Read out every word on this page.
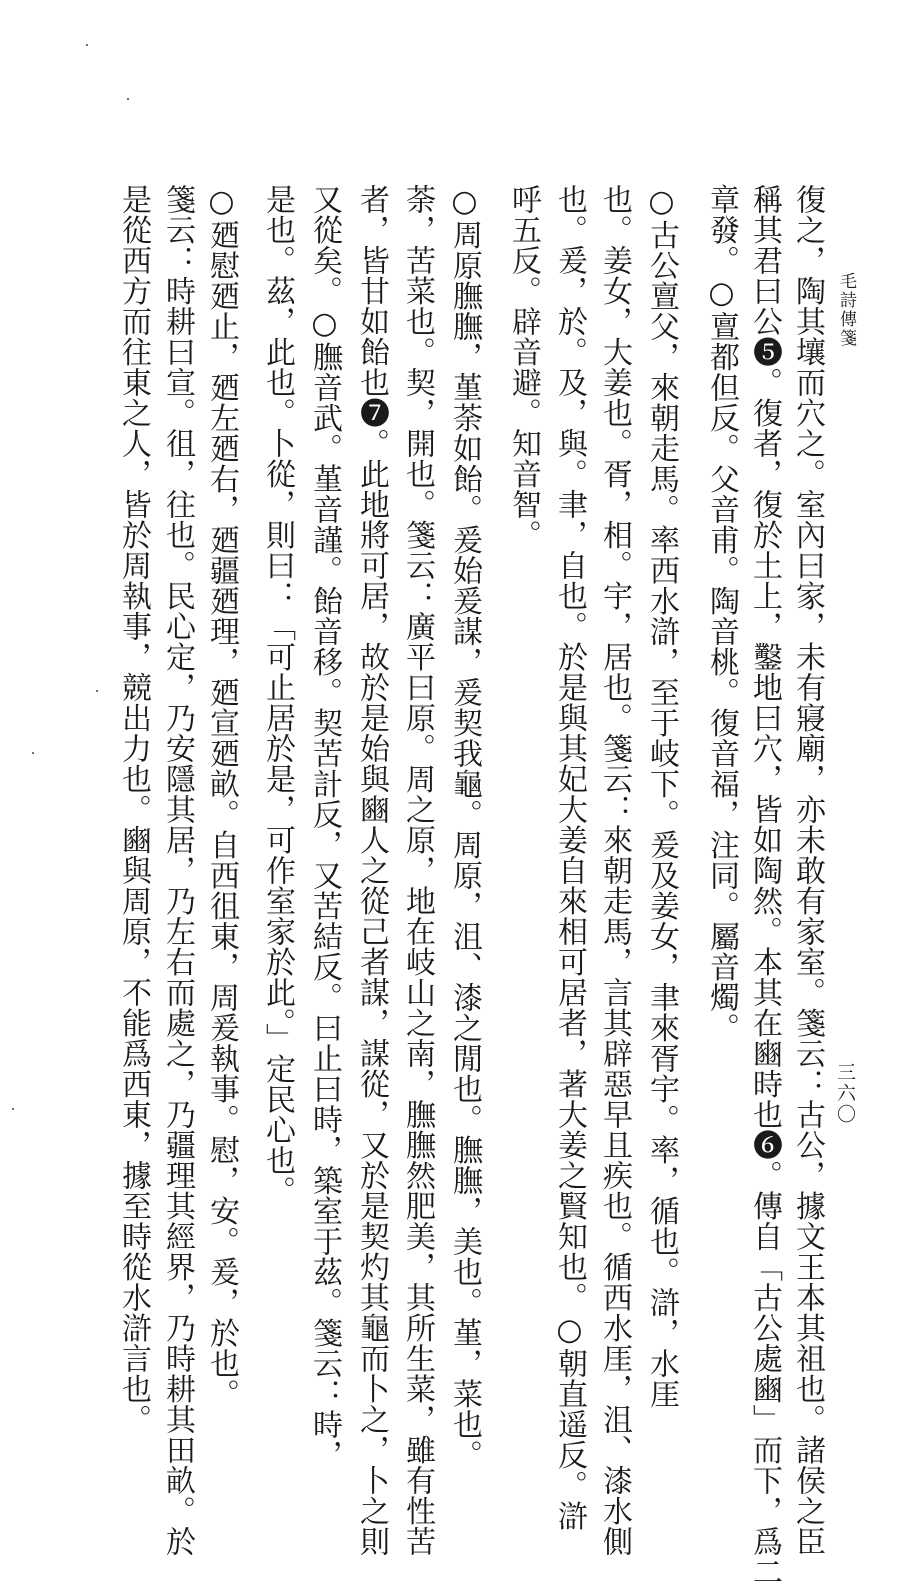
毛詩傳箋
三六〇
復之，陶其壤而穴之。室內曰家，未有寢廟，亦未敢有家室。箋云：古公，據文王本其祖也。諸侯之臣
稱其君曰公❺。復者，復於土上，鑿地曰穴，皆如陶然。本其在豳時也❻。傳自「古公處豳」而下，爲二
章發。○亶都但反。父音甫。陶音桃。復音福，注同。屬音燭。
○古公亶父，來朝走馬。率西水滸，至于岐下。爰及姜女，聿來胥宇。率，循也。滸，水厓
也。姜女，大姜也。胥，相。宇，居也。箋云：來朝走馬，言其辟惡早且疾也。循西水厓，沮、漆水側
也。爰，於。及，與。聿，自也。於是與其妃大姜自來相可居者，著大姜之賢知也。○朝直遥反。滸
呼五反。辟音避。知音智。
○周原膴膴，堇荼如飴。爰始爰謀，爰契我龜。周原，沮、漆之閒也。膴膴，美也。堇，菜也。
荼，苦菜也。契，開也。箋云：廣平曰原。周之原，地在岐山之南，膴膴然肥美，其所生菜，雖有性苦
者，皆甘如飴也❼。此地將可居，故於是始與豳人之從己者謀，謀從，又於是契灼其龜而卜之，卜之則
又從矣。○膴音武。堇音謹。飴音移。契苦計反，又苦結反。曰止曰時，築室于茲。箋云：時，
是也。茲，此也。卜從，則曰：「可止居於是，可作室家於此。」定民心也。
○廼慰廼止，廼左廼右，廼疆廼理，廼宣廼畝。自西徂東，周爰執事。慰，安。爰，於也。
箋云：時耕曰宣。徂，往也。民心定，乃安隱其居，乃左右而處之，乃疆理其經界，乃時耕其田畝。於
是從西方而往東之人，皆於周執事，競出力也。豳與周原，不能爲西東，據至時從水滸言也。
